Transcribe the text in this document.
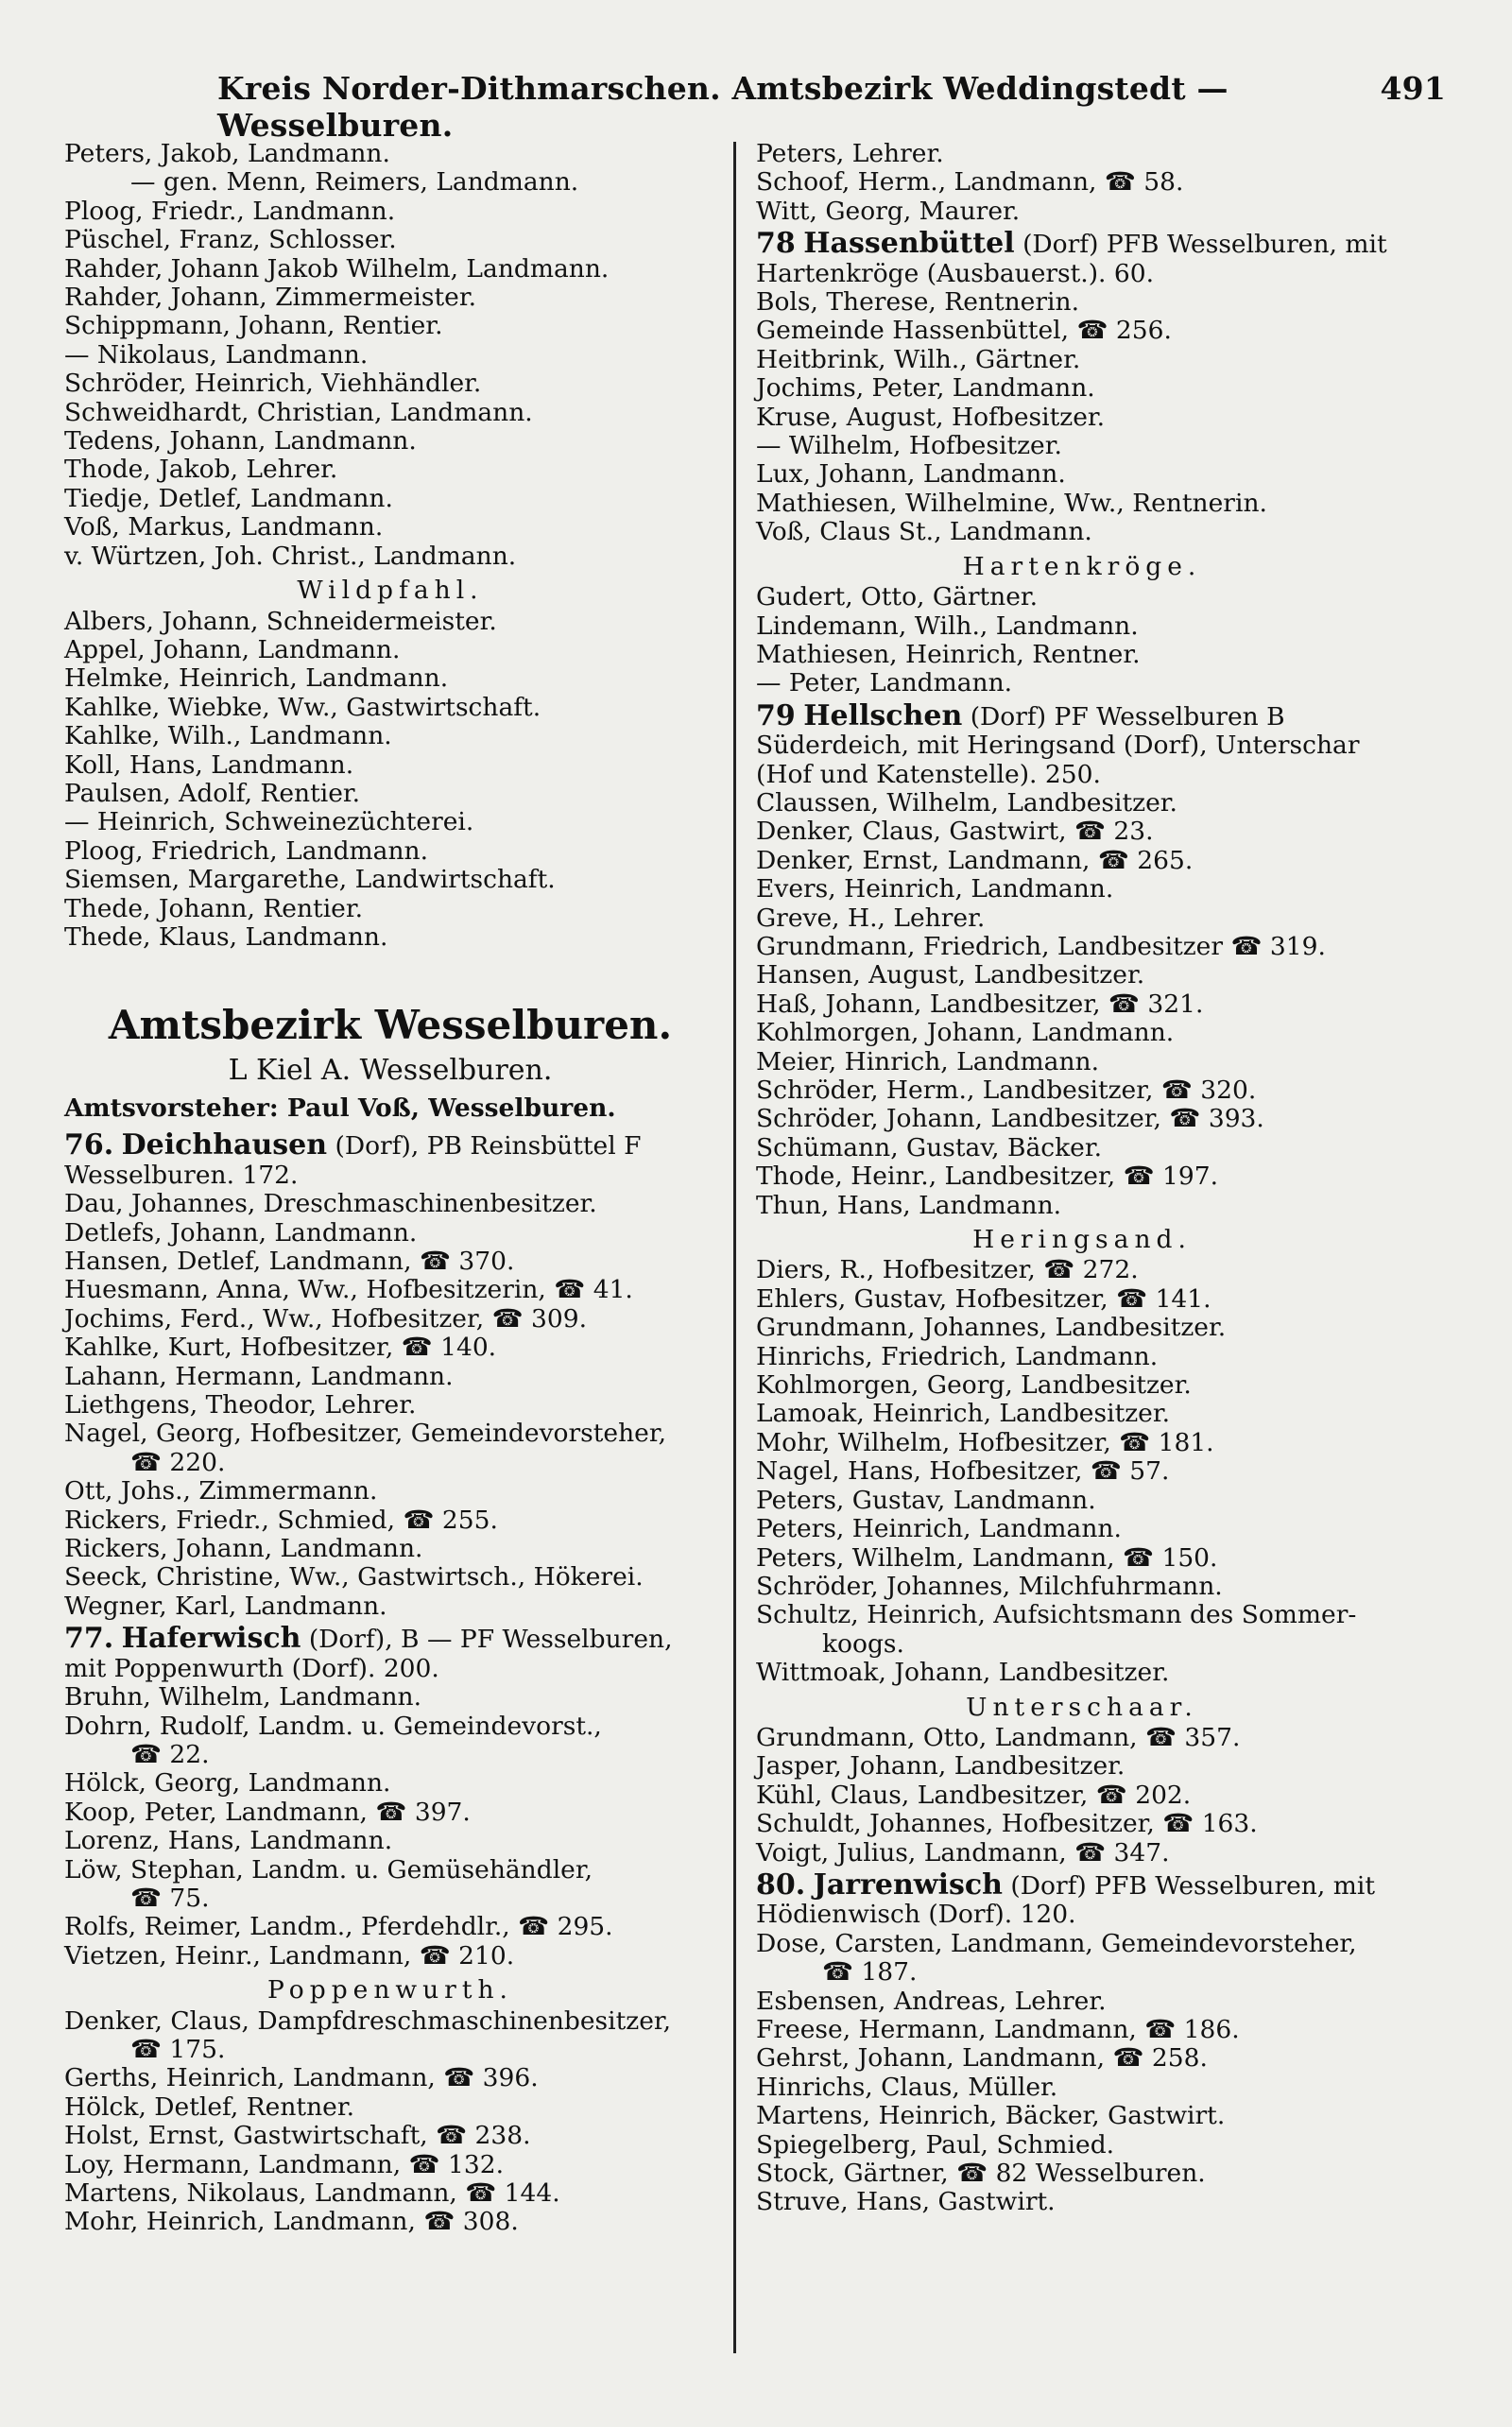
Kreis Norder-Dithmarschen. Amtsbezirk Weddingstedt — Wesselburen.
491
Peters, Jakob, Landmann.
— gen. Menn, Reimers, Landmann.
Ploog, Friedr., Landmann.
Püschel, Franz, Schlosser.
Rahder, Johann Jakob Wilhelm, Landmann.
Rahder, Johann, Zimmermeister.
Schippmann, Johann, Rentier.
— Nikolaus, Landmann.
Schröder, Heinrich, Viehhändler.
Schweidhardt, Christian, Landmann.
Tedens, Johann, Landmann.
Thode, Jakob, Lehrer.
Tiedje, Detlef, Landmann.
Voß, Markus, Landmann.
v. Würtzen, Joh. Christ., Landmann.
Wildpfahl.
Albers, Johann, Schneidermeister.
Appel, Johann, Landmann.
Helmke, Heinrich, Landmann.
Kahlke, Wiebke, Ww., Gastwirtschaft.
Kahlke, Wilh., Landmann.
Koll, Hans, Landmann.
Paulsen, Adolf, Rentier.
— Heinrich, Schweinezüchterei.
Ploog, Friedrich, Landmann.
Siemsen, Margarethe, Landwirtschaft.
Thede, Johann, Rentier.
Thede, Klaus, Landmann.
Amtsbezirk Wesselburen.
L Kiel A. Wesselburen.
Amtsvorsteher: Paul Voß, Wesselburen.
76. Deichhausen (Dorf), PB Reinsbüttel F Wesselburen. 172.
Dau, Johannes, Dreschmaschinenbesitzer.
Detlefs, Johann, Landmann.
Hansen, Detlef, Landmann, ☎ 370.
Huesmann, Anna, Ww., Hofbesitzerin, ☎ 41.
Jochims, Ferd., Ww., Hofbesitzer, ☎ 309.
Kahlke, Kurt, Hofbesitzer, ☎ 140.
Lahann, Hermann, Landmann.
Liethgens, Theodor, Lehrer.
Nagel, Georg, Hofbesitzer, Gemeindevorsteher,
☎ 220.
Ott, Johs., Zimmermann.
Rickers, Friedr., Schmied, ☎ 255.
Rickers, Johann, Landmann.
Seeck, Christine, Ww., Gastwirtsch., Hökerei.
Wegner, Karl, Landmann.
77. Haferwisch (Dorf), B — PF Wesselburen, mit Poppenwurth (Dorf). 200.
Bruhn, Wilhelm, Landmann.
Dohrn, Rudolf, Landm. u. Gemeindevorst.,
☎ 22.
Hölck, Georg, Landmann.
Koop, Peter, Landmann, ☎ 397.
Lorenz, Hans, Landmann.
Löw, Stephan, Landm. u. Gemüsehändler,
☎ 75.
Rolfs, Reimer, Landm., Pferdehdlr., ☎ 295.
Vietzen, Heinr., Landmann, ☎ 210.
Poppenwurth.
Denker, Claus, Dampfdreschmaschinenbesitzer,
☎ 175.
Gerths, Heinrich, Landmann, ☎ 396.
Hölck, Detlef, Rentner.
Holst, Ernst, Gastwirtschaft, ☎ 238.
Loy, Hermann, Landmann, ☎ 132.
Martens, Nikolaus, Landmann, ☎ 144.
Mohr, Heinrich, Landmann, ☎ 308.
Peters, Lehrer.
Schoof, Herm., Landmann, ☎ 58.
Witt, Georg, Maurer.
78 Hassenbüttel (Dorf) PFB Wesselburen, mit Hartenkröge (Ausbauerst.). 60.
Bols, Therese, Rentnerin.
Gemeinde Hassenbüttel, ☎ 256.
Heitbrink, Wilh., Gärtner.
Jochims, Peter, Landmann.
Kruse, August, Hofbesitzer.
— Wilhelm, Hofbesitzer.
Lux, Johann, Landmann.
Mathiesen, Wilhelmine, Ww., Rentnerin.
Voß, Claus St., Landmann.
Hartenkröge.
Gudert, Otto, Gärtner.
Lindemann, Wilh., Landmann.
Mathiesen, Heinrich, Rentner.
— Peter, Landmann.
79 Hellschen (Dorf) PF Wesselburen B Süderdeich, mit Heringsand (Dorf), Unterschar (Hof und Katenstelle). 250.
Claussen, Wilhelm, Landbesitzer.
Denker, Claus, Gastwirt, ☎ 23.
Denker, Ernst, Landmann, ☎ 265.
Evers, Heinrich, Landmann.
Greve, H., Lehrer.
Grundmann, Friedrich, Landbesitzer ☎ 319.
Hansen, August, Landbesitzer.
Haß, Johann, Landbesitzer, ☎ 321.
Kohlmorgen, Johann, Landmann.
Meier, Hinrich, Landmann.
Schröder, Herm., Landbesitzer, ☎ 320.
Schröder, Johann, Landbesitzer, ☎ 393.
Schümann, Gustav, Bäcker.
Thode, Heinr., Landbesitzer, ☎ 197.
Thun, Hans, Landmann.
Heringsand.
Diers, R., Hofbesitzer, ☎ 272.
Ehlers, Gustav, Hofbesitzer, ☎ 141.
Grundmann, Johannes, Landbesitzer.
Hinrichs, Friedrich, Landmann.
Kohlmorgen, Georg, Landbesitzer.
Lamoak, Heinrich, Landbesitzer.
Mohr, Wilhelm, Hofbesitzer, ☎ 181.
Nagel, Hans, Hofbesitzer, ☎ 57.
Peters, Gustav, Landmann.
Peters, Heinrich, Landmann.
Peters, Wilhelm, Landmann, ☎ 150.
Schröder, Johannes, Milchfuhrmann.
Schultz, Heinrich, Aufsichtsmann des Sommer-
koogs.
Wittmoak, Johann, Landbesitzer.
Unterschaar.
Grundmann, Otto, Landmann, ☎ 357.
Jasper, Johann, Landbesitzer.
Kühl, Claus, Landbesitzer, ☎ 202.
Schuldt, Johannes, Hofbesitzer, ☎ 163.
Voigt, Julius, Landmann, ☎ 347.
80. Jarrenwisch (Dorf) PFB Wesselburen, mit Hödienwisch (Dorf). 120.
Dose, Carsten, Landmann, Gemeindevorsteher,
☎ 187.
Esbensen, Andreas, Lehrer.
Freese, Hermann, Landmann, ☎ 186.
Gehrst, Johann, Landmann, ☎ 258.
Hinrichs, Claus, Müller.
Martens, Heinrich, Bäcker, Gastwirt.
Spiegelberg, Paul, Schmied.
Stock, Gärtner, ☎ 82 Wesselburen.
Struve, Hans, Gastwirt.
